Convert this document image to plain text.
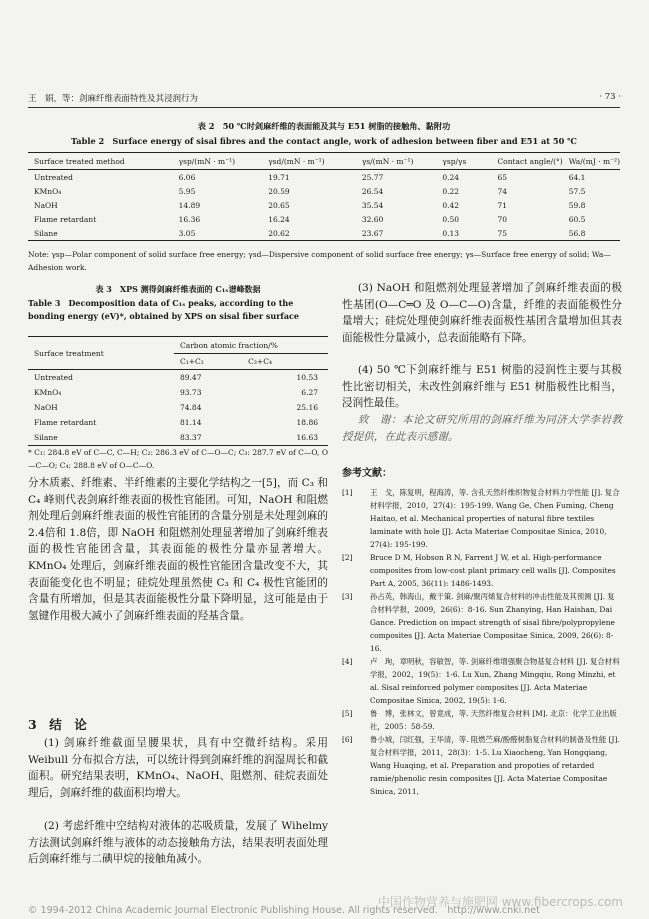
王　娟，等：剑麻纤维表面特性及其浸润行为	· 73 ·
表 2　50 ℃时剑麻纤维的表面能及其与 E51 树脂的接触角、黏附功
Table 2　Surface energy of sisal fibres and the contact angle, work of adhesion between fiber and E51 at 50 ℃
Surface treated method	γsp/(mN · m⁻¹)	γsd/(mN · m⁻¹)	γs/(mN · m⁻¹)	γsp/γs	Contact angle/(°)	Wa/(mJ · m⁻²)
Untreated	6.06	19.71	25.77	0.24	65	64.1
KMnO₄	5.95	20.59	26.54	0.22	74	57.5
NaOH	14.89	20.65	35.54	0.42	71	59.8
Flame retardant	16.36	16.24	32.60	0.50	70	60.5
Silane	3.05	20.62	23.67	0.13	75	56.8
Note: γsp—Polar component of solid surface free energy; γsd—Dispersive component of solid surface free energy; γs—Surface free energy of solid; Wa—Adhesion work.
表 3　XPS 测得剑麻纤维表面的 C₁ₛ谱峰数据
Table 3　Decomposition data of C₁ₛ peaks, according to the bonding energy (eV)*, obtained by XPS on sisal fiber surface
Surface treatment	Carbon atomic fraction/%	
	C₁+C₂	C₃+C₄
Untreated	89.47	10.53
KMnO₄	93.73	6.27
NaOH	74.84	25.16
Flame retardant	81.14	18.86
Silane	83.37	16.63
* C₁: 284.8 eV of C—C, C—H; C₂: 286.3 eV of C—O—C; C₃: 287.7 eV of C—O, O—C—O; C₄: 288.8 eV of O—C—O.
分木质素、纤维素、半纤维素的主要化学结构之一[5]，而 C₃ 和 C₄ 峰则代表剑麻纤维表面的极性官能团。可知，NaOH 和阻燃剂处理后剑麻纤维表面的极性官能团的含量分别是未处理剑麻的 2.4倍和 1.8倍，即 NaOH 和阻燃剂处理显著增加了剑麻纤维表面的极性官能团含量，其表面能的极性分量亦显著增大。KMnO₄ 处理后，剑麻纤维表面的极性官能团含量改变不大，其表面能变化也不明显；硅烷处理虽然使 C₃ 和 C₄ 极性官能团的含量有所增加，但是其表面能极性分量下降明显，这可能是由于氢键作用极大减小了剑麻纤维表面的羟基含量。
3　结　论
(1) 剑麻纤维截面呈腰果状，具有中空微纤结构。采用 Weibull 分布拟合方法，可以统计得到剑麻纤维的润湿周长和截面积。研究结果表明，KMnO₄、NaOH、阻燃剂、硅烷表面处理后，剑麻纤维的截面积均增大。
(2) 考虑纤维中空结构对液体的芯吸质量，发展了 Wihelmy 方法测试剑麻纤维与液体的动态接触角方法，结果表明表面处理后剑麻纤维与二碘甲烷的接触角减小。
(3) NaOH 和阻燃剂处理显著增加了剑麻纤维表面的极性基团(O—C═O 及 O—C—O)含量，纤维的表面能极性分量增大；硅烷处理使剑麻纤维表面极性基团含量增加但其表面能极性分量减小，总表面能略有下降。
(4) 50 ℃下剑麻纤维与 E51 树脂的浸润性主要与其极性比密切相关，未改性剑麻纤维与 E51 树脂极性比相当，浸润性最佳。
致　谢：本论文研究所用的剑麻纤维为同济大学李岩教授提供，在此表示感谢。
参考文献：
[1] 王　戈，陈复明，程海涛，等. 含孔天然纤维织物复合材料力学性能 [J]. 复合材料学报，2010，27(4)：195-199. Wang Ge, Chen Fuming, Cheng Haitao, et al. Mechanical properties of natural fibre textiles laminate with hole [J]. Acta Materiae Compositae Sinica, 2010, 27(4): 195-199.
[2] Bruce D M, Hobson R N, Farrent J W, et al. High-performance composites from low-cost plant primary cell walls [J]. Composites Part A, 2005, 36(11): 1486-1493.
[3] 孙占英，韩海山，戴干策. 剑麻/聚丙烯复合材料的冲击性能及其预测 [J]. 复合材料学报，2009，26(6)：8-16. Sun Zhanying, Han Haishan, Dai Gance. Prediction on impact strength of sisal fibre/polypropylene composites [J]. Acta Materiae Compositae Sinica, 2009, 26(6): 8-16.
[4] 卢　珣，章明秋，容敏智，等. 剑麻纤维增强聚合物基复合材料 [J]. 复合材料学报，2002，19(5)：1-6. Lu Xun, Zhang Mingqiu, Rong Minzhi, et al. Sisal reinforced polymer composites [J]. Acta Materiae Compositae Sinica, 2002, 19(5): 1-6.
[5] 鲁　博，张林文，曾竟成，等. 天然纤维复合材料 [M]. 北京：化学工业出版社，2005：58-59.
[6] 鲁小城，闫红强，王华清，等. 阻燃苎麻/酚醛树脂复合材料的制备及性能 [J]. 复合材料学报，2011，28(3)：1-5. Lu Xiaocheng, Yan Hongqiang, Wang Huaqing, et al. Preparation and propoties of retarded ramie/phenolic resin composites [J]. Acta Materiae Compositae Sinica, 2011,
© 1994-2012 China Academic Journal Electronic Publishing House. All rights reserved.　http://www.cnki.net
中国作物营养与施肥网 www.fibercrops.com
